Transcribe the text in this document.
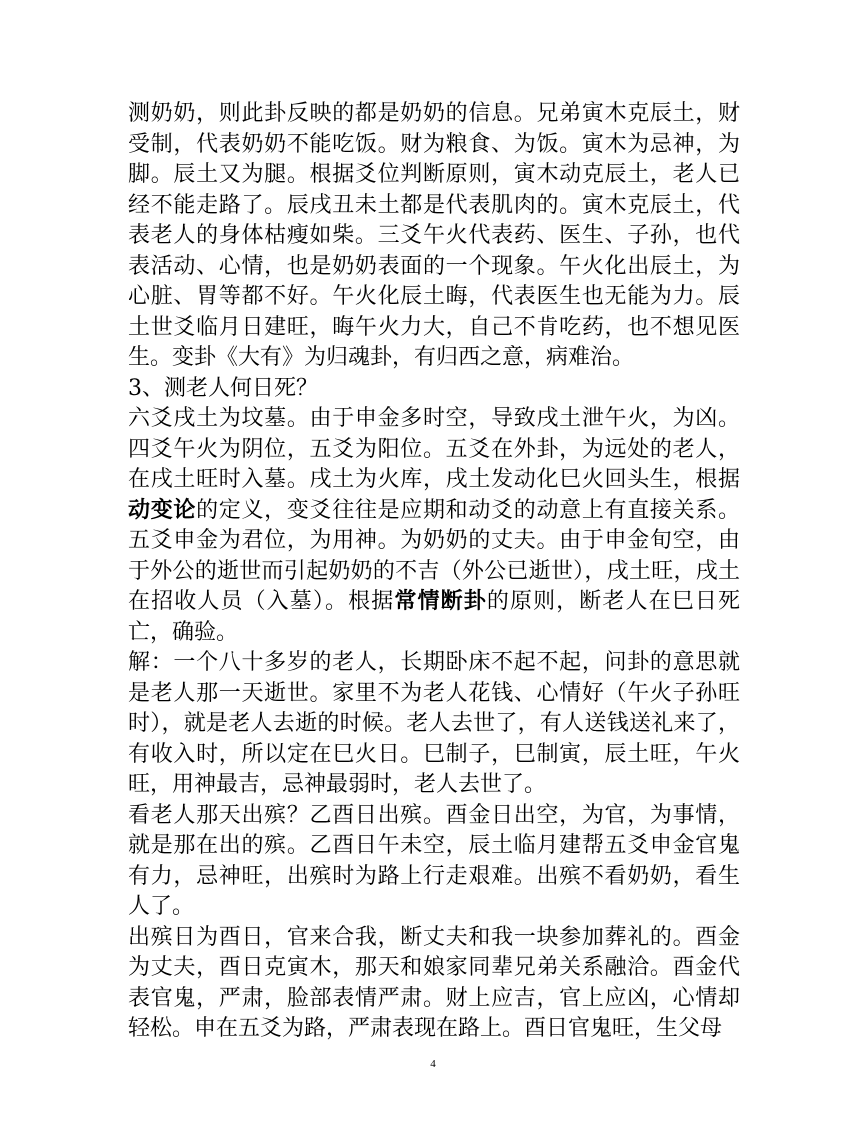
测奶奶，则此卦反映的都是奶奶的信息。兄弟寅木克辰土，财受制，代表奶奶不能吃饭。财为粮食、为饭。寅木为忌神，为脚。辰土又为腿。根据爻位判断原则，寅木动克辰土，老人已经不能走路了。辰戌丑未土都是代表肌肉的。寅木克辰土，代表老人的身体枯瘦如柴。三爻午火代表药、医生、子孙，也代表活动、心情，也是奶奶表面的一个现象。午火化出辰土，为心脏、胃等都不好。午火化辰土晦，代表医生也无能为力。辰土世爻临月日建旺，晦午火力大，自己不肯吃药，也不想见医生。变卦《大有》为归魂卦，有归西之意，病难治。

3、测老人何日死？

六爻戌土为坟墓。由于申金多时空，导致戌土泄午火，为凶。四爻午火为阴位，五爻为阳位。五爻在外卦，为远处的老人，在戌土旺时入墓。戌土为火库，戌土发动化巳火回头生，根据动变论的定义，变爻往往是应期和动爻的动意上有直接关系。五爻申金为君位，为用神。为奶奶的丈夫。由于申金旬空，由于外公的逝世而引起奶奶的不吉（外公已逝世），戌土旺，戌土在招收人员（入墓）。根据常情断卦的原则，断老人在巳日死亡，确验。

解：一个八十多岁的老人，长期卧床不起不起，问卦的意思就是老人那一天逝世。家里不为老人花钱、心情好（午火子孙旺时），就是老人去逝的时候。老人去世了，有人送钱送礼来了，有收入时，所以定在巳火日。巳制子，巳制寅，辰土旺，午火旺，用神最吉，忌神最弱时，老人去世了。

看老人那天出殡？乙酉日出殡。酉金日出空，为官，为事情，就是那在出的殡。乙酉日午未空，辰土临月建帮五爻申金官鬼有力，忌神旺，出殡时为路上行走艰难。出殡不看奶奶，看生人了。

出殡日为酉日，官来合我，断丈夫和我一块参加葬礼的。酉金为丈夫，酉日克寅木，那天和娘家同辈兄弟关系融洽。酉金代表官鬼，严肃，脸部表情严肃。财上应吉，官上应凶，心情却轻松。申在五爻为路，严肃表现在路上。酉日官鬼旺，生父母

4
